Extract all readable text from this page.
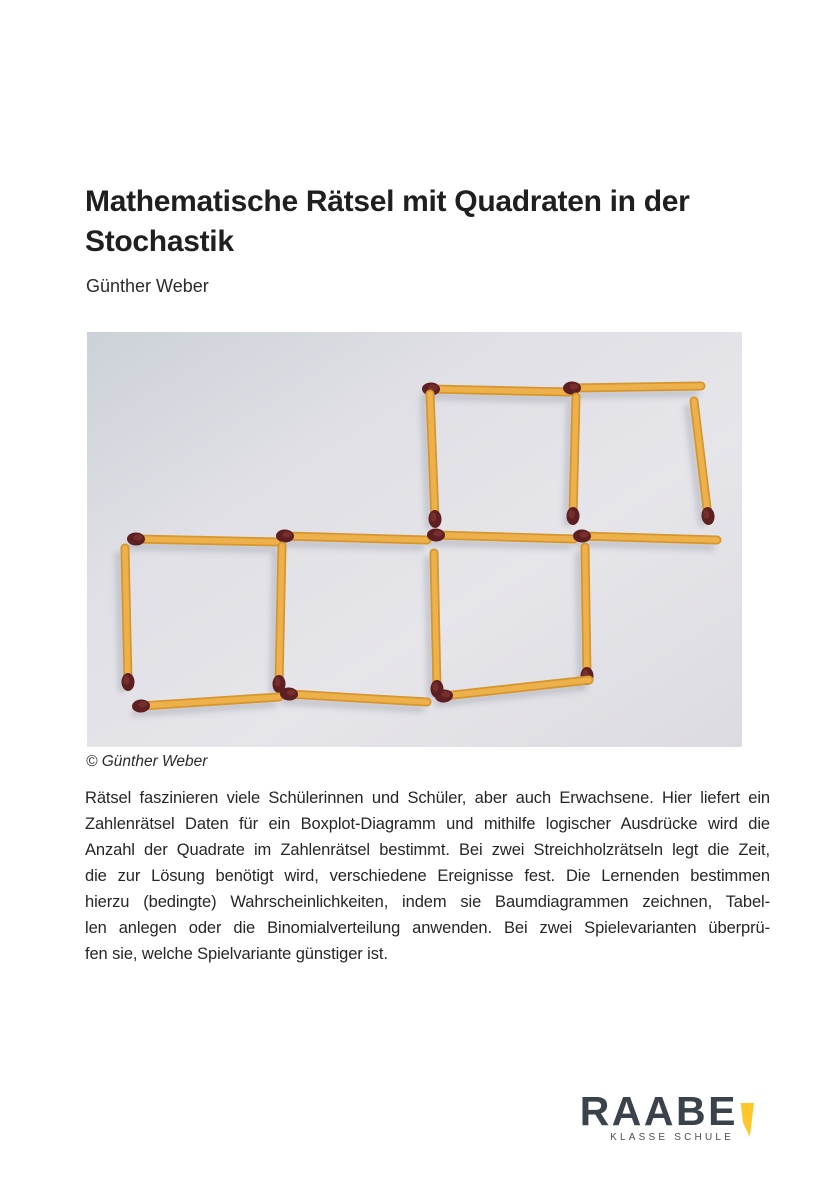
Mathematische Rätsel mit Quadraten in der
Stochastik
Günther Weber
© Günther Weber
Rätsel faszinieren viele Schülerinnen und Schüler, aber auch Erwachsene. Hier liefert ein
Zahlenrätsel Daten für ein Boxplot-Diagramm und mithilfe logischer Ausdrücke wird die
Anzahl der Quadrate im Zahlenrätsel bestimmt. Bei zwei Streichholzrätseln legt die Zeit,
die zur Lösung benötigt wird, verschiedene Ereignisse fest. Die Lernenden bestimmen
hierzu (bedingte) Wahrscheinlichkeiten, indem sie Baumdiagrammen zeichnen, Tabel-
len anlegen oder die Binomialverteilung anwenden. Bei zwei Spielevarianten überprü-
fen sie, welche Spielvariante günstiger ist.
RAABE
KLASSE SCHULE
